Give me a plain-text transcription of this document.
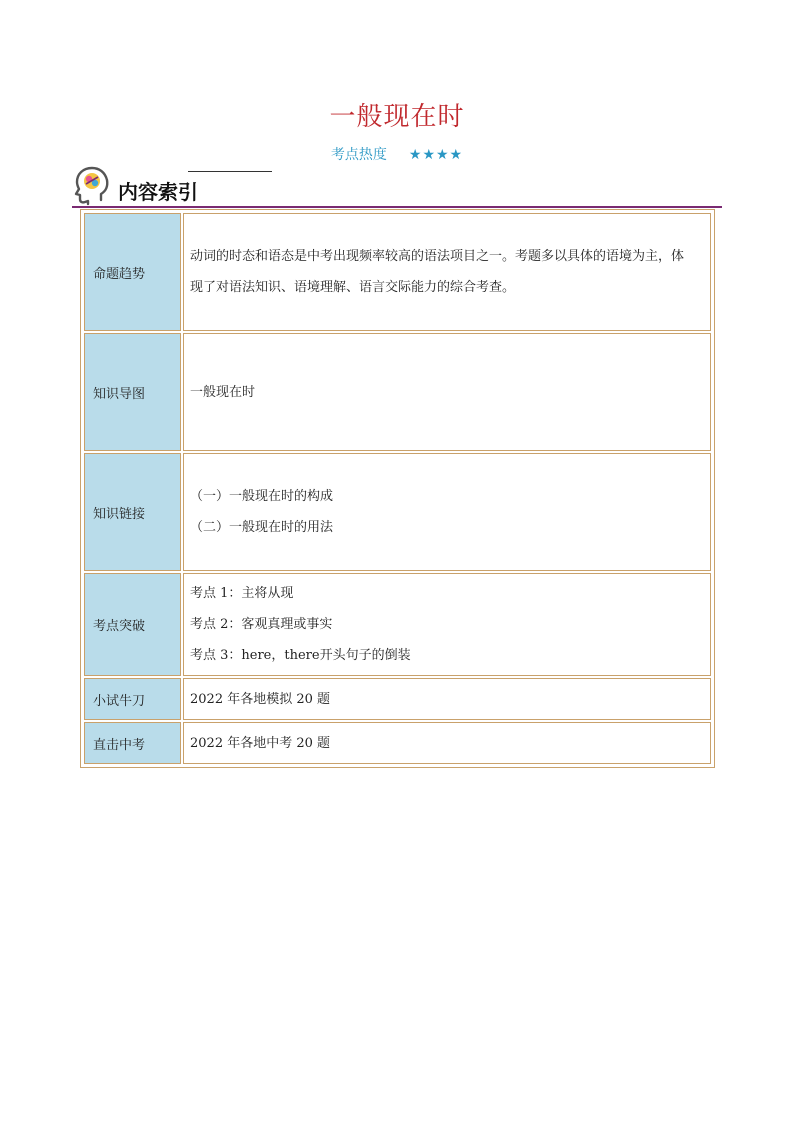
一般现在时
考点热度 ★★★★
内容索引
命题趋势	动词的时态和语态是中考出现频率较高的语法项目之一。考题多以具体的语境为主，体
现了对语法知识、语境理解、语言交际能力的综合考查。

知识导图	一般现在时

知识链接	（一）一般现在时的构成
（二）一般现在时的用法

考点突破	考点 1：主将从现
考点 2：客观真理或事实
考点 3：here，there开头句子的倒装

小试牛刀	2022 年各地模拟 20 题

直击中考	2022 年各地中考 20 题
